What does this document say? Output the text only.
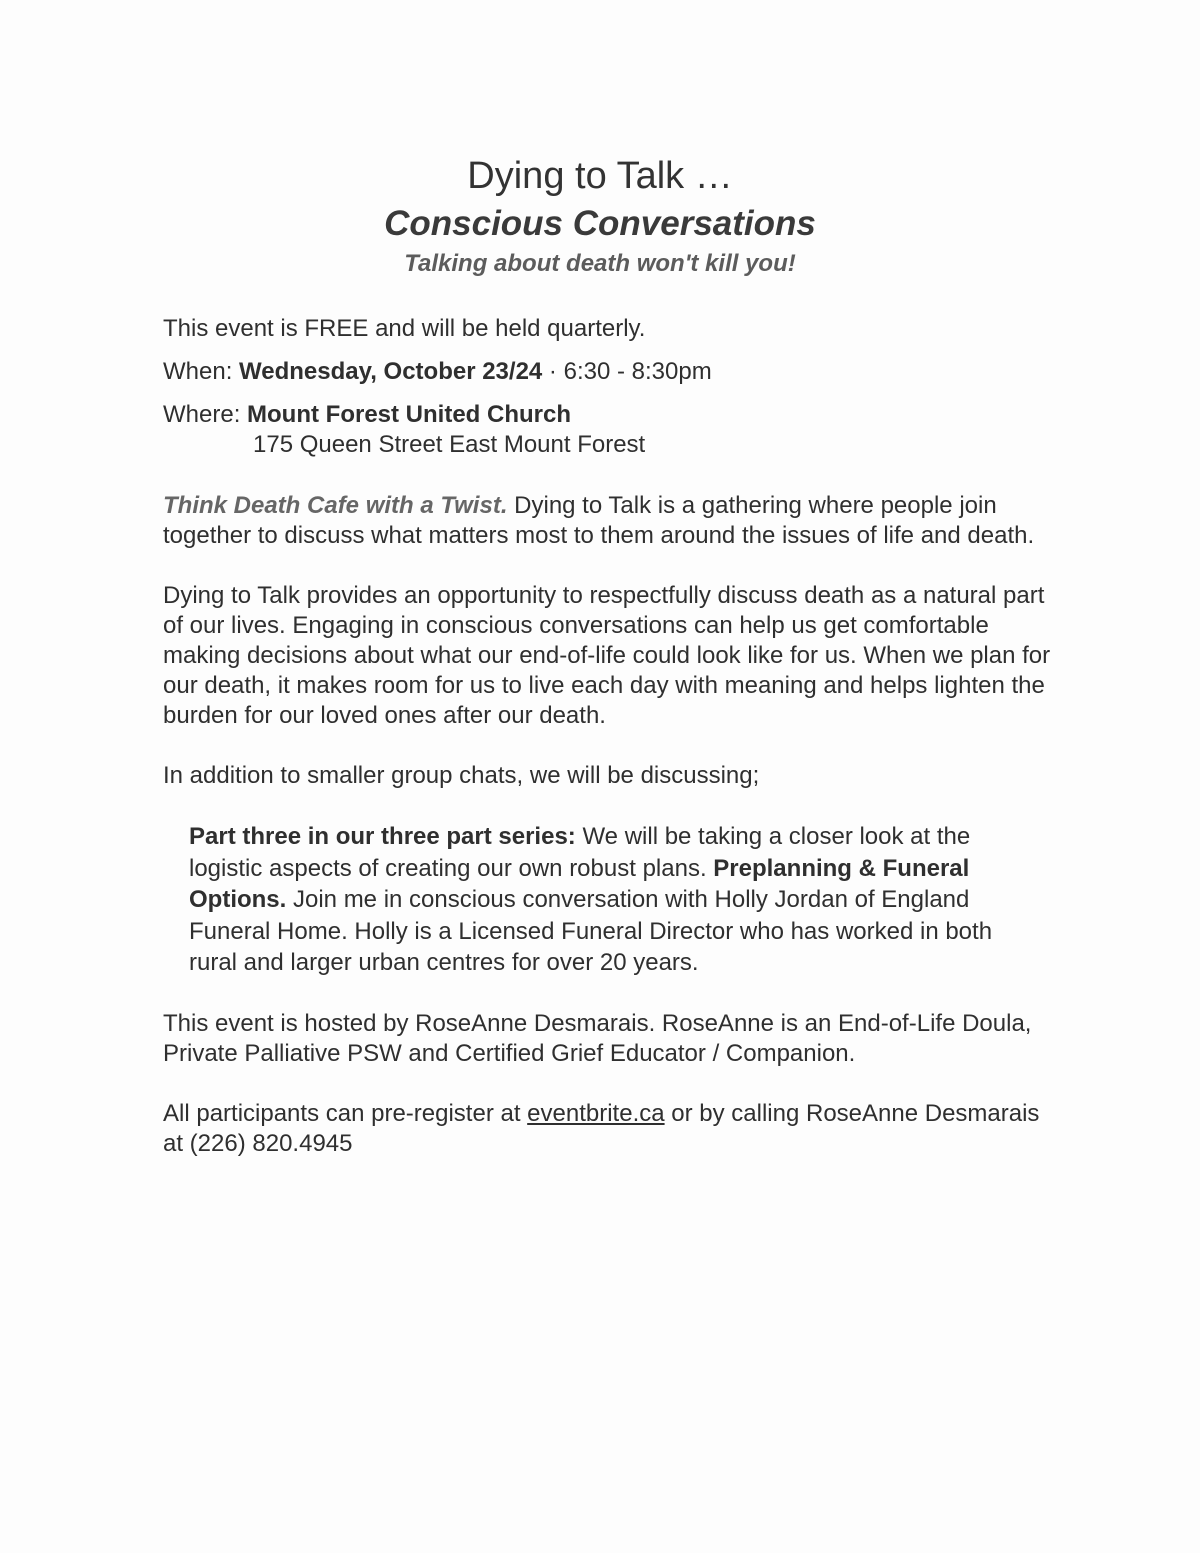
Dying to Talk …

Conscious Conversations

Talking about death won't kill you!

This event is FREE and will be held quarterly.

When: Wednesday, October 23/24 · 6:30 - 8:30pm

Where: Mount Forest United Church

175 Queen Street East Mount Forest

Think Death Cafe with a Twist. Dying to Talk is a gathering where people join together to discuss what matters most to them around the issues of life and death.

Dying to Talk provides an opportunity to respectfully discuss death as a natural part of our lives. Engaging in conscious conversations can help us get comfortable making decisions about what our end-of-life could look like for us. When we plan for our death, it makes room for us to live each day with meaning and helps lighten the burden for our loved ones after our death.

In addition to smaller group chats, we will be discussing;

Part three in our three part series: We will be taking a closer look at the logistic aspects of creating our own robust plans. Preplanning & Funeral Options. Join me in conscious conversation with Holly Jordan of England Funeral Home. Holly is a Licensed Funeral Director who has worked in both rural and larger urban centres for over 20 years.

This event is hosted by RoseAnne Desmarais. RoseAnne is an End-of-Life Doula, Private Palliative PSW and Certified Grief Educator / Companion.

All participants can pre-register at eventbrite.ca or by calling RoseAnne Desmarais at (226) 820.4945
